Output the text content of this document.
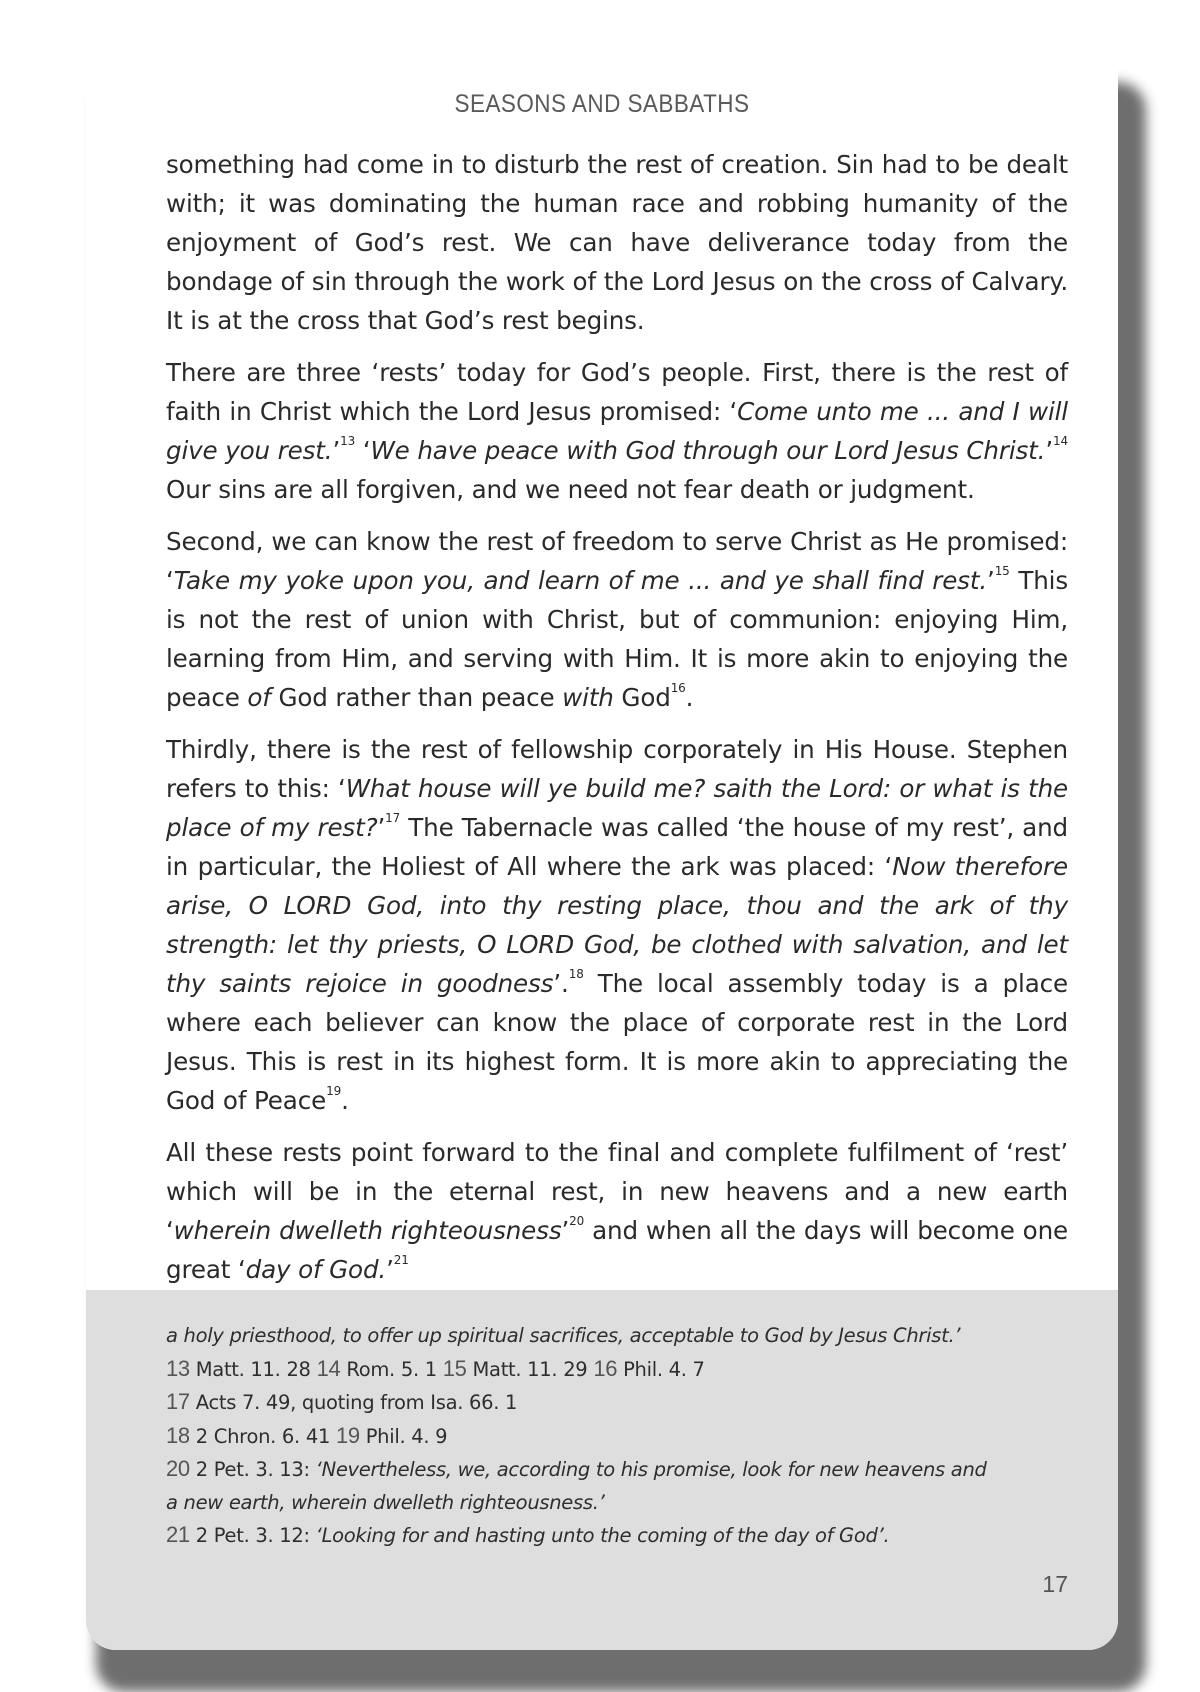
SEASONS AND SABBATHS

something had come in to disturb the rest of creation. Sin had to be dealt with; it was dominating the human race and robbing humanity of the enjoyment of God’s rest. We can have deliverance today from the bondage of sin through the work of the Lord Jesus on the cross of Calvary. It is at the cross that God’s rest begins.

There are three ‘rests’ today for God’s people. First, there is the rest of faith in Christ which the Lord Jesus promised: ‘Come unto me ... and I will give you rest.’$^{13}$ ‘We have peace with God through our Lord Jesus Christ.’$^{14}$ Our sins are all forgiven, and we need not fear death or judgment.

Second, we can know the rest of freedom to serve Christ as He promised: ‘Take my yoke upon you, and learn of me ... and ye shall find rest.’$^{15}$ This is not the rest of union with Christ, but of communion: enjoying Him, learning from Him, and serving with Him. It is more akin to enjoying the peace of God rather than peace with God$^{16}$.

Thirdly, there is the rest of fellowship corporately in His House. Stephen refers to this: ‘What house will ye build me? saith the Lord: or what is the place of my rest?’$^{17}$ The Tabernacle was called ‘the house of my rest’, and in particular, the Holiest of All where the ark was placed: ‘Now therefore arise, O LORD God, into thy resting place, thou and the ark of thy strength: let thy priests, O LORD God, be clothed with salvation, and let thy saints rejoice in goodness’.$^{18}$ The local assembly today is a place where each believer can know the place of corporate rest in the Lord Jesus. This is rest in its highest form. It is more akin to appreciating the God of Peace$^{19}$.

All these rests point forward to the final and complete fulfilment of ‘rest’ which will be in the eternal rest, in new heavens and a new earth ‘wherein dwelleth righteousness’$^{20}$ and when all the days will become one great ‘day of God.’$^{21}$

a holy priesthood, to offer up spiritual sacrifices, acceptable to God by Jesus Christ.’
13 Matt. 11. 28 14 Rom. 5. 1 15 Matt. 11. 29 16 Phil. 4. 7
17 Acts 7. 49, quoting from Isa. 66. 1
18 2 Chron. 6. 41 19 Phil. 4. 9
20 2 Pet. 3. 13: ‘Nevertheless, we, according to his promise, look for new heavens and
a new earth, wherein dwelleth righteousness.’
21 2 Pet. 3. 12: ‘Looking for and hasting unto the coming of the day of God’.
17
